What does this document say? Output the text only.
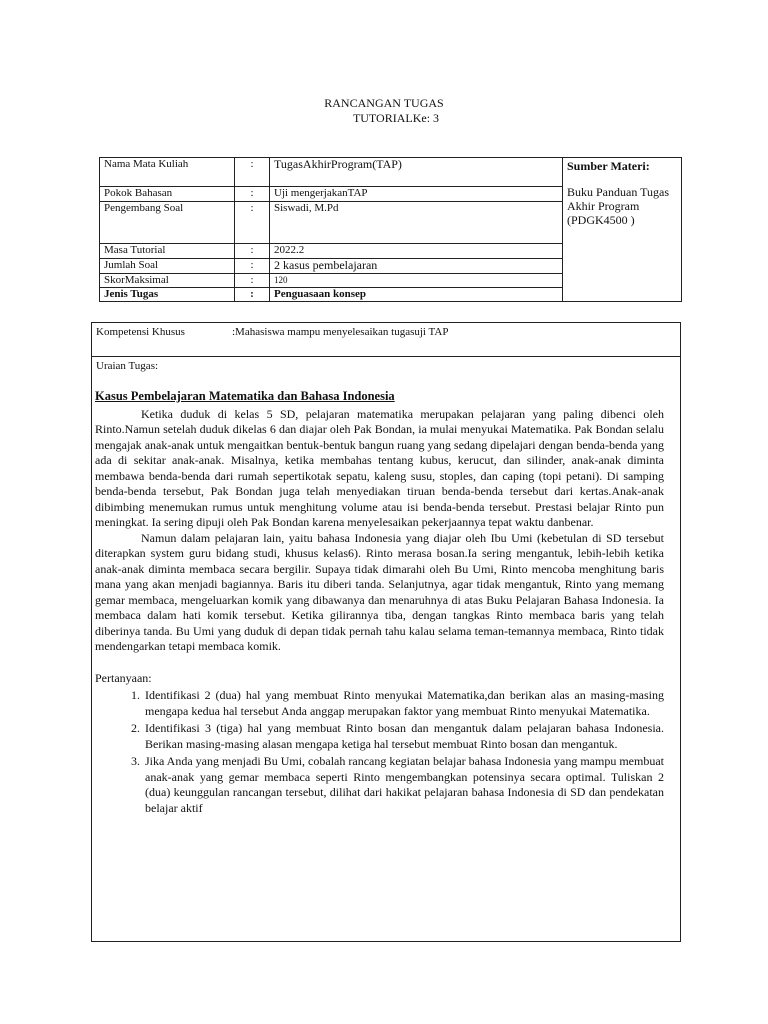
RANCANGAN TUGAS
TUTORIALKe: 3
Nama Mata Kuliah	:	TugasAkhirProgram(TAP)	Sumber Materi:
Buku Panduan Tugas Akhir Program (PDGK4500 )

Pokok Bahasan	:	Uji mengerjakanTAP	
Pengembang Soal	:	Siswadi, M.Pd	
Masa Tutorial	:	2022.2	
Jumlah Soal	:	2 kasus pembelajaran	
SkorMaksimal	:	120	
Jenis Tugas	:	Penguasaan konsep	
Kompetensi Khusus	:Mahasiswa mampu menyelesaikan tugasuji TAP
Uraian Tugas:
Kasus Pembelajaran Matematika dan Bahasa Indonesia

Ketika duduk di kelas 5 SD, pelajaran matematika merupakan pelajaran yang paling dibenci oleh Rinto.Namun setelah duduk dikelas 6 dan diajar oleh Pak Bondan, ia mulai menyukai Matematika. Pak Bondan selalu mengajak anak-anak untuk mengaitkan bentuk-bentuk bangun ruang yang sedang dipelajari dengan benda-benda yang ada di sekitar anak-anak. Misalnya, ketika membahas tentang kubus, kerucut, dan silinder, anak-anak diminta membawa benda-benda dari rumah sepertikotak sepatu, kaleng susu, stoples, dan caping (topi petani). Di samping benda-benda tersebut, Pak Bondan juga telah menyediakan tiruan benda-benda tersebut dari kertas.Anak-anak dibimbing menemukan rumus untuk menghitung volume atau isi benda-benda tersebut. Prestasi belajar Rinto pun meningkat. Ia sering dipuji oleh Pak Bondan karena menyelesaikan pekerjaannya tepat waktu danbenar.

Namun dalam pelajaran lain, yaitu bahasa Indonesia yang diajar oleh Ibu Umi (kebetulan di SD tersebut diterapkan system guru bidang studi, khusus kelas6). Rinto merasa bosan.Ia sering mengantuk, lebih-lebih ketika anak-anak diminta membaca secara bergilir. Supaya tidak dimarahi oleh Bu Umi, Rinto mencoba menghitung baris mana yang akan menjadi bagiannya. Baris itu diberi tanda. Selanjutnya, agar tidak mengantuk, Rinto yang memang gemar membaca, mengeluarkan komik yang dibawanya dan menaruhnya di atas Buku Pelajaran Bahasa Indonesia. Ia membaca dalam hati komik tersebut. Ketika gilirannya tiba, dengan tangkas Rinto membaca baris yang telah diberinya tanda. Bu Umi yang duduk di depan tidak pernah tahu kalau selama teman-temannya membaca, Rinto tidak mendengarkan tetapi membaca komik.

Pertanyaan:
1. Identifikasi 2 (dua) hal yang membuat Rinto menyukai Matematika,dan berikan alas an masing-masing mengapa kedua hal tersebut Anda anggap merupakan faktor yang membuat Rinto menyukai Matematika.
2. Identifikasi 3 (tiga) hal yang membuat Rinto bosan dan mengantuk dalam pelajaran bahasa Indonesia. Berikan masing-masing alasan mengapa ketiga hal tersebut membuat Rinto bosan dan mengantuk.
3. Jika Anda yang menjadi Bu Umi, cobalah rancang kegiatan belajar bahasa Indonesia yang mampu membuat anak-anak yang gemar membaca seperti Rinto mengembangkan potensinya secara optimal. Tuliskan 2 (dua) keunggulan rancangan tersebut, dilihat dari hakikat pelajaran bahasa Indonesia di SD dan pendekatan belajar aktif
